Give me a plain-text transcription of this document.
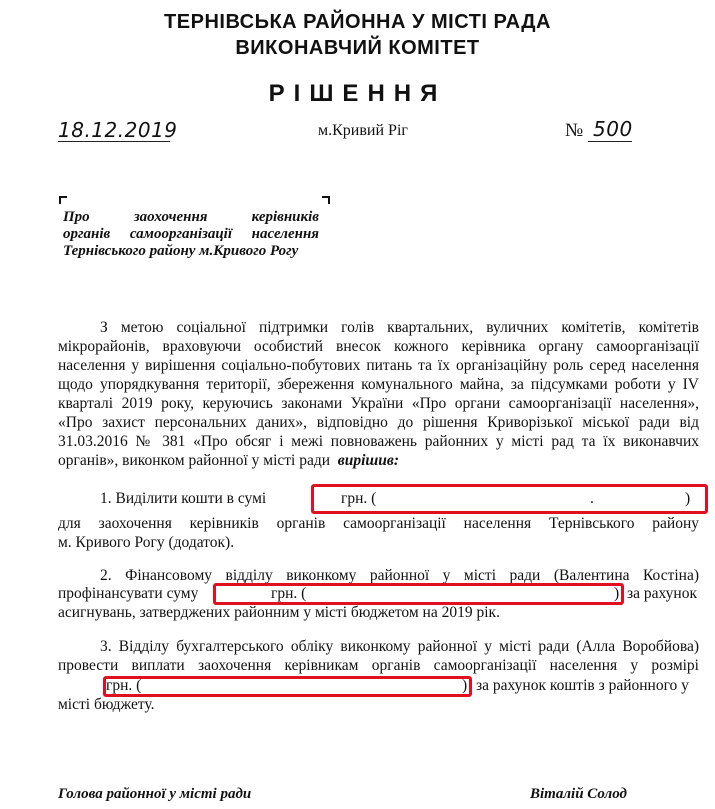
ТЕРНІВСЬКА РАЙОННА У МІСТІ РАДА
ВИКОНАВЧИЙ КОМІТЕТ
РІШЕННЯ
18.12.2019	м.Кривий Ріг	№ 500
Про заохочення керівників
органів самоорганізації населення
Тернівського району м.Кривого Рогу
З метою соціальної підтримки голів квартальних, вуличних комітетів, комітетів
мікрорайонів, враховуючи особистий внесок кожного керівника органу самоорганізації
населення у вирішення соціально-побутових питань та їх організаційну роль серед населення
щодо упорядкування території, збереження комунального майна, за підсумками роботи у IV
кварталі 2019 року, керуючись законами України «Про органи самоорганізації населення»,
«Про захист персональних даних», відповідно до рішення Криворізької міської ради від
31.03.2016 № 381 «Про обсяг і межі повноважень районних у місті рад та їх виконавчих
органів», виконком районної у місті ради вирішив:
1. Виділити кошти в сумі	грн. (	.	)
для заохочення керівників органів самоорганізації населення Тернівського району
м. Кривого Рогу (додаток).
2. Фінансовому відділу виконкому районної у місті ради (Валентина Костіна)
профінансувати суму	грн. (	) за рахунок
асигнувань, затверджених районним у місті бюджетом на 2019 рік.
3. Відділу бухгалтерського обліку виконкому районної у місті ради (Алла Воробйова)
провести виплати заохочення керівникам органів самоорганізації населення у розмірі
грн. (	) за рахунок коштів з районного у
місті бюджету.
Голова районної у місті ради	Віталій Солод
